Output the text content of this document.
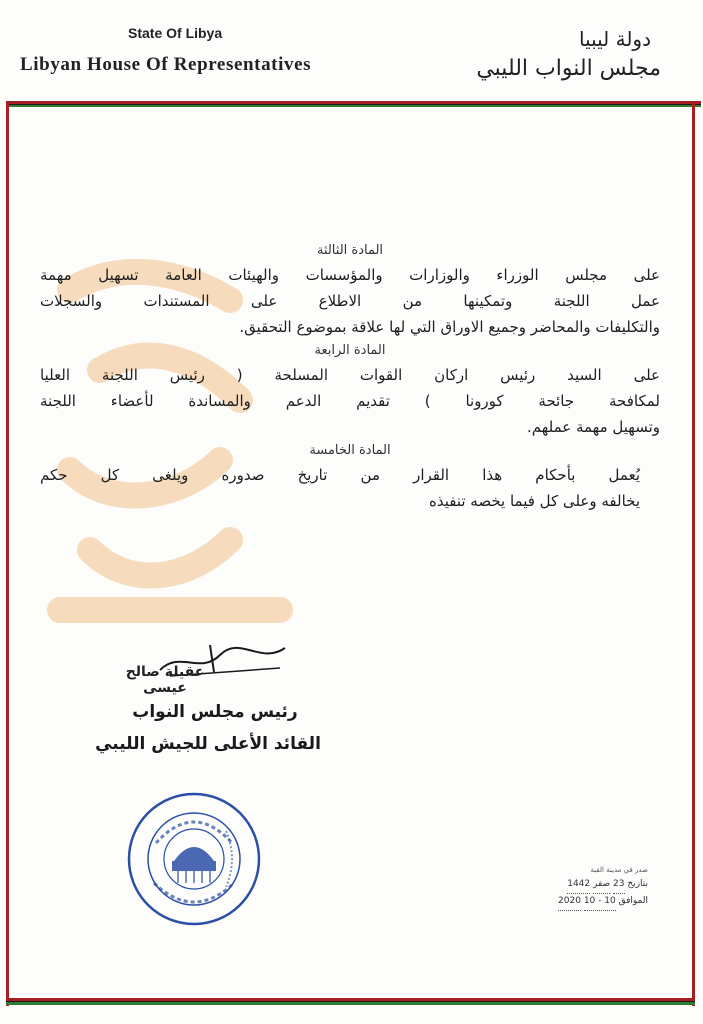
State Of Libya
Libyan House Of Representatives
دولة ليبيا
مجلس النواب الليبي

المادة الثالثة

على مجلس الوزراء والوزارات والمؤسسات والهيئات العامة تسهيل مهمة

عمل اللجنة وتمكينها من الاطلاع على المستندات والسجلات

والتكليفات والمحاضر وجميع الاوراق التي لها علاقة بموضوع التحقيق.

المادة الرابعة

على السيد رئيس اركان القوات المسلحة ( رئيس اللجنة العليا

لمكافحة جائحة كورونا ) تقديم الدعم والمساندة لأعضاء اللجنة

وتسهيل مهمة عملهم.

المادة الخامسة

يُعمل بأحكام هذا القرار من تاريخ صدوره ويلغى كل حكم

يخالفه وعلى كل فيما يخصه تنفيذه

عقيلة صالح عيسى
رئيس مجلس النواب
القائد الأعلى للجيش الليبي
صدر في مدينة القبة
بتاريخ 23 صفر 1442
الموافق 10 - 10 2020
